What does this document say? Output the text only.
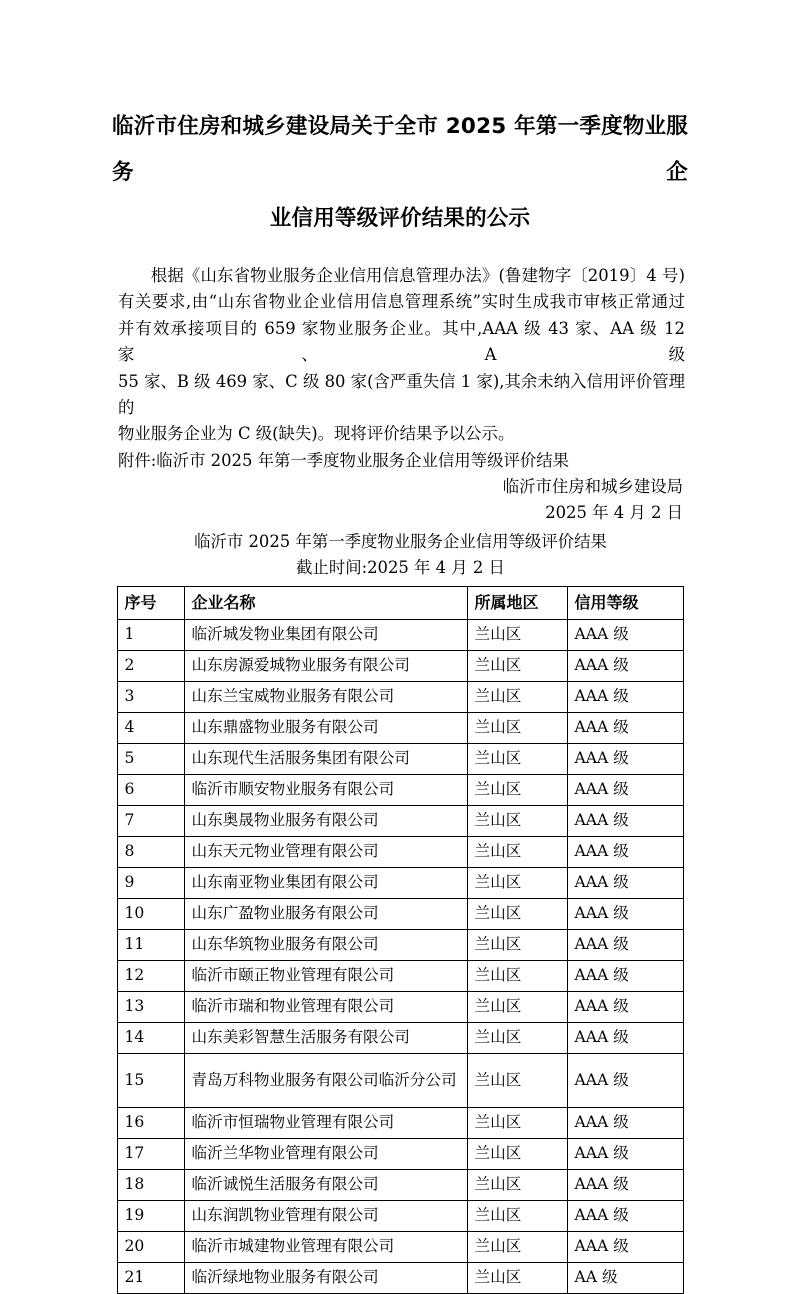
临沂市住房和城乡建设局关于全市 2025 年第一季度物业服务企
业信用等级评价结果的公示

根据《山东省物业服务企业信用信息管理办法》(鲁建物字〔2019〕4 号)
有关要求,由“山东省物业企业信用信息管理系统”实时生成我市审核正常通过
并有效承接项目的 659 家物业服务企业。其中,AAA 级 43 家、AA 级 12 家、A 级
55 家、B 级 469 家、C 级 80 家(含严重失信 1 家),其余未纳入信用评价管理的
物业服务企业为 C 级(缺失)。现将评价结果予以公示。

附件:临沂市 2025 年第一季度物业服务企业信用等级评价结果

临沂市住房和城乡建设局
2025 年 4 月 2 日
临沂市 2025 年第一季度物业服务企业信用等级评价结果
截止时间:2025 年 4 月 2 日
序号	企业名称	所属地区	信用等级
1	临沂城发物业集团有限公司	兰山区	AAA 级
2	山东房源爱城物业服务有限公司	兰山区	AAA 级
3	山东兰宝威物业服务有限公司	兰山区	AAA 级
4	山东鼎盛物业服务有限公司	兰山区	AAA 级
5	山东现代生活服务集团有限公司	兰山区	AAA 级
6	临沂市顺安物业服务有限公司	兰山区	AAA 级
7	山东奥晟物业服务有限公司	兰山区	AAA 级
8	山东天元物业管理有限公司	兰山区	AAA 级
9	山东南亚物业集团有限公司	兰山区	AAA 级
10	山东广盈物业服务有限公司	兰山区	AAA 级
11	山东华筑物业服务有限公司	兰山区	AAA 级
12	临沂市颐正物业管理有限公司	兰山区	AAA 级
13	临沂市瑞和物业管理有限公司	兰山区	AAA 级
14	山东美彩智慧生活服务有限公司	兰山区	AAA 级
15	青岛万科物业服务有限公司临沂分公司	兰山区	AAA 级
16	临沂市恒瑞物业管理有限公司	兰山区	AAA 级
17	临沂兰华物业管理有限公司	兰山区	AAA 级
18	临沂诚悦生活服务有限公司	兰山区	AAA 级
19	山东润凯物业管理有限公司	兰山区	AAA 级
20	临沂市城建物业管理有限公司	兰山区	AAA 级
21	临沂绿地物业服务有限公司	兰山区	AA 级
